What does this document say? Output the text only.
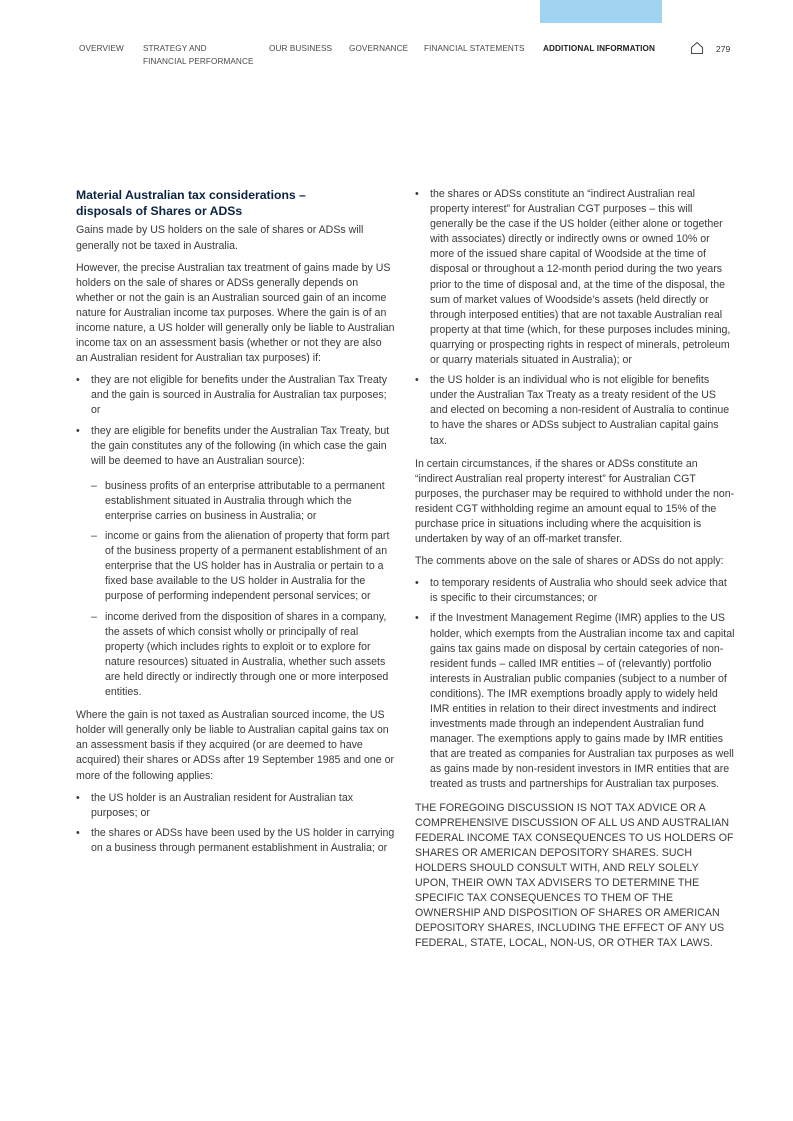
OVERVIEW STRATEGY AND
FINANCIAL PERFORMANCE
OUR BUSINESS GOVERNANCE FINANCIAL STATEMENTS ADDITIONAL INFORMATION	279
Material Australian tax considerations –
disposals of Shares or ADSs

Gains made by US holders on the sale of shares or ADSs will generally not be taxed in Australia.

However, the precise Australian tax treatment of gains made by US holders on the sale of shares or ADSs generally depends on whether or not the gain is an Australian sourced gain of an income nature for Australian income tax purposes. Where the gain is of an income nature, a US holder will generally only be liable to Australian income tax on an assessment basis (whether or not they are also an Australian resident for Australian tax purposes) if:

• they are not eligible for benefits under the Australian Tax Treaty and the gain is sourced in Australia for Australian tax purposes; or
• they are eligible for benefits under the Australian Tax Treaty, but the gain constitutes any of the following (in which case the gain will be deemed to have an Australian source):
– business profits of an enterprise attributable to a permanent establishment situated in Australia through which the enterprise carries on business in Australia; or
– income or gains from the alienation of property that form part of the business property of a permanent establishment of an enterprise that the US holder has in Australia or pertain to a fixed base available to the US holder in Australia for the purpose of performing independent personal services; or
– income derived from the disposition of shares in a company, the assets of which consist wholly or principally of real property (which includes rights to exploit or to explore for nature resources) situated in Australia, whether such assets are held directly or indirectly through one or more interposed entities.

Where the gain is not taxed as Australian sourced income, the US holder will generally only be liable to Australian capital gains tax on an assessment basis if they acquired (or are deemed to have acquired) their shares or ADSs after 19 September 1985 and one or more of the following applies:

• the US holder is an Australian resident for Australian tax purposes; or
• the shares or ADSs have been used by the US holder in carrying on a business through permanent establishment in Australia; or
• the shares or ADSs constitute an “indirect Australian real property interest” for Australian CGT purposes – this will generally be the case if the US holder (either alone or together with associates) directly or indirectly owns or owned 10% or more of the issued share capital of Woodside at the time of disposal or throughout a 12-month period during the two years prior to the time of disposal and, at the time of the disposal, the sum of market values of Woodside’s assets (held directly or through interposed entities) that are not taxable Australian real property at that time (which, for these purposes includes mining, quarrying or prospecting rights in respect of minerals, petroleum or quarry materials situated in Australia); or
• the US holder is an individual who is not eligible for benefits under the Australian Tax Treaty as a treaty resident of the US and elected on becoming a non-resident of Australia to continue to have the shares or ADSs subject to Australian capital gains tax.

In certain circumstances, if the shares or ADSs constitute an “indirect Australian real property interest” for Australian CGT purposes, the purchaser may be required to withhold under the non-resident CGT withholding regime an amount equal to 15% of the purchase price in situations including where the acquisition is undertaken by way of an off-market transfer.

The comments above on the sale of shares or ADSs do not apply:

• to temporary residents of Australia who should seek advice that is specific to their circumstances; or
• if the Investment Management Regime (IMR) applies to the US holder, which exempts from the Australian income tax and capital gains tax gains made on disposal by certain categories of non-resident funds – called IMR entities – of (relevantly) portfolio interests in Australian public companies (subject to a number of conditions). The IMR exemptions broadly apply to widely held IMR entities in relation to their direct investments and indirect investments made through an independent Australian fund manager. The exemptions apply to gains made by IMR entities that are treated as companies for Australian tax purposes as well as gains made by non-resident investors in IMR entities that are treated as trusts and partnerships for Australian tax purposes.

THE FOREGOING DISCUSSION IS NOT TAX ADVICE OR A COMPREHENSIVE DISCUSSION OF ALL US AND AUSTRALIAN FEDERAL INCOME TAX CONSEQUENCES TO US HOLDERS OF SHARES OR AMERICAN DEPOSITORY SHARES. SUCH HOLDERS SHOULD CONSULT WITH, AND RELY SOLELY UPON, THEIR OWN TAX ADVISERS TO DETERMINE THE SPECIFIC TAX CONSEQUENCES TO THEM OF THE OWNERSHIP AND DISPOSITION OF SHARES OR AMERICAN DEPOSITORY SHARES, INCLUDING THE EFFECT OF ANY US FEDERAL, STATE, LOCAL, NON-US, OR OTHER TAX LAWS.
